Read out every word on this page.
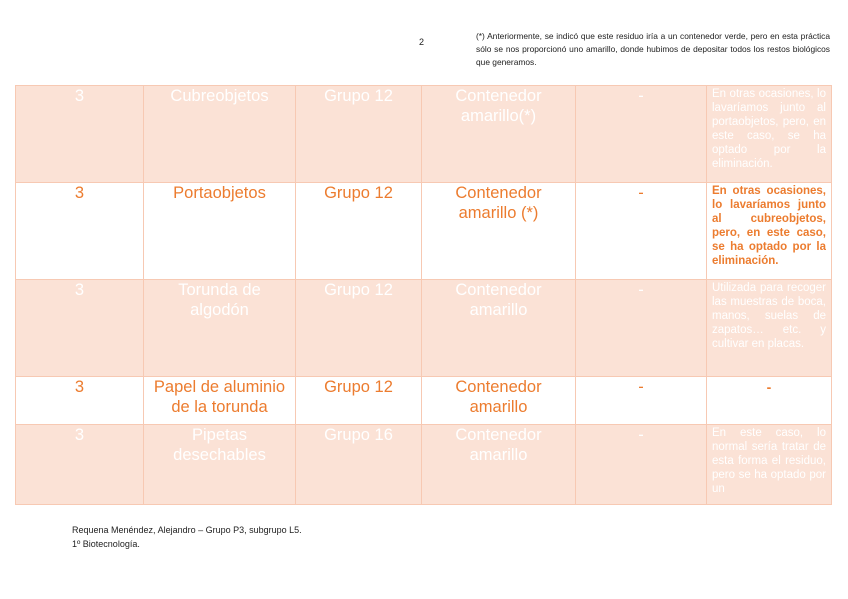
2
(*) Anteriormente, se indicó que este residuo iría a un contenedor verde, pero en esta práctica sólo se nos proporcionó uno amarillo, donde hubimos de depositar todos los restos biológicos que generamos.
3	Cubreobjetos	Grupo 12	Contenedor amarillo(*)	-	En otras ocasiones, lo lavaríamos junto al portaobjetos, pero, en este caso, se ha optado por la eliminación.

3	Portaobjetos	Grupo 12	Contenedor amarillo (*)	-	En otras ocasiones, lo lavaríamos junto al cubreobjetos, pero, en este caso, se ha optado por la eliminación.

3	Torunda de algodón	Grupo 12	Contenedor amarillo	-	Utilizada para recoger las muestras de boca, manos, suelas de zapatos… etc. y cultivar en placas.

3	Papel de aluminio de la torunda	Grupo 12	Contenedor amarillo	-	-

3	Pipetas desechables	Grupo 16	Contenedor amarillo	-	En este caso, lo normal sería tratar de esta forma el residuo, pero se ha optado por un
Requena Menéndez, Alejandro – Grupo P3, subgrupo L5.
1º Biotecnología.
